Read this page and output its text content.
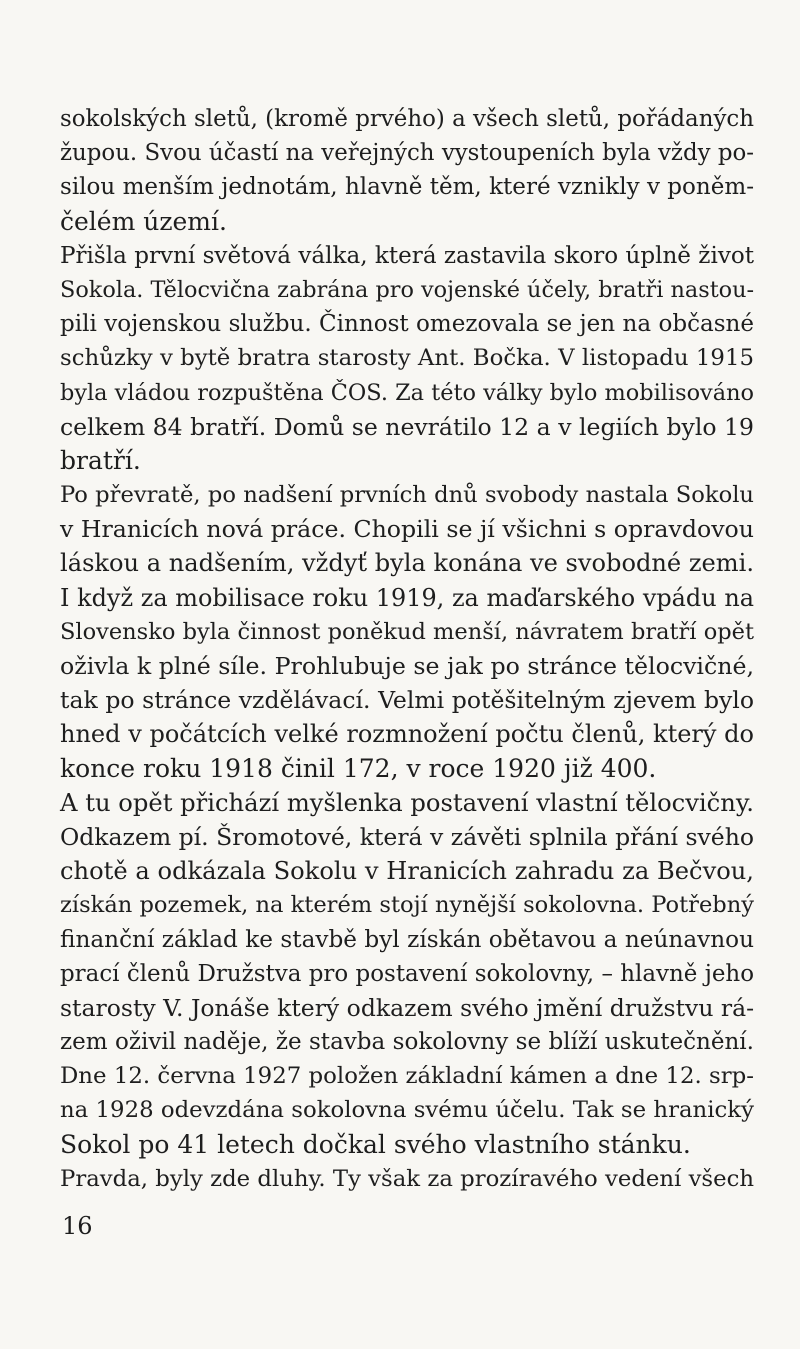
sokolských sletů, (kromě prvého) a všech sletů, pořádaných
župou. Svou účastí na veřejných vystoupeních byla vždy po-
silou menším jednotám, hlavně těm, které vznikly v poněm-
čelém území.

Přišla první světová válka, která zastavila skoro úplně život
Sokola. Tělocvična zabrána pro vojenské účely, bratři nastou-
pili vojenskou službu. Činnost omezovala se jen na občasné
schůzky v bytě bratra starosty Ant. Bočka. V listopadu 1915
byla vládou rozpuštěna ČOS. Za této války bylo mobilisováno
celkem 84 bratří. Domů se nevrátilo 12 a v legiích bylo 19
bratří.

Po převratě, po nadšení prvních dnů svobody nastala Sokolu
v Hranicích nová práce. Chopili se jí všichni s opravdovou
láskou a nadšením, vždyť byla konána ve svobodné zemi.
I když za mobilisace roku 1919, za maďarského vpádu na
Slovensko byla činnost poněkud menší, návratem bratří opět
oživla k plné síle. Prohlubuje se jak po stránce tělocvičné,
tak po stránce vzdělávací. Velmi potěšitelným zjevem bylo
hned v počátcích velké rozmnožení počtu členů, který do
konce roku 1918 činil 172, v roce 1920 již 400.

A tu opět přichází myšlenka postavení vlastní tělocvičny.
Odkazem pí. Šromotové, která v závěti splnila přání svého
chotě a odkázala Sokolu v Hranicích zahradu za Bečvou,
získán pozemek, na kterém stojí nynější sokolovna. Potřebný
finanční základ ke stavbě byl získán obětavou a neúnavnou
prací členů Družstva pro postavení sokolovny, – hlavně jeho
starosty V. Jonáše který odkazem svého jmění družstvu rá-
zem oživil naděje, že stavba sokolovny se blíží uskutečnění.
Dne 12. června 1927 položen základní kámen a dne 12. srp-
na 1928 odevzdána sokolovna svému účelu. Tak se hranický
Sokol po 41 letech dočkal svého vlastního stánku.

Pravda, byly zde dluhy. Ty však za prozíravého vedení všech

16
